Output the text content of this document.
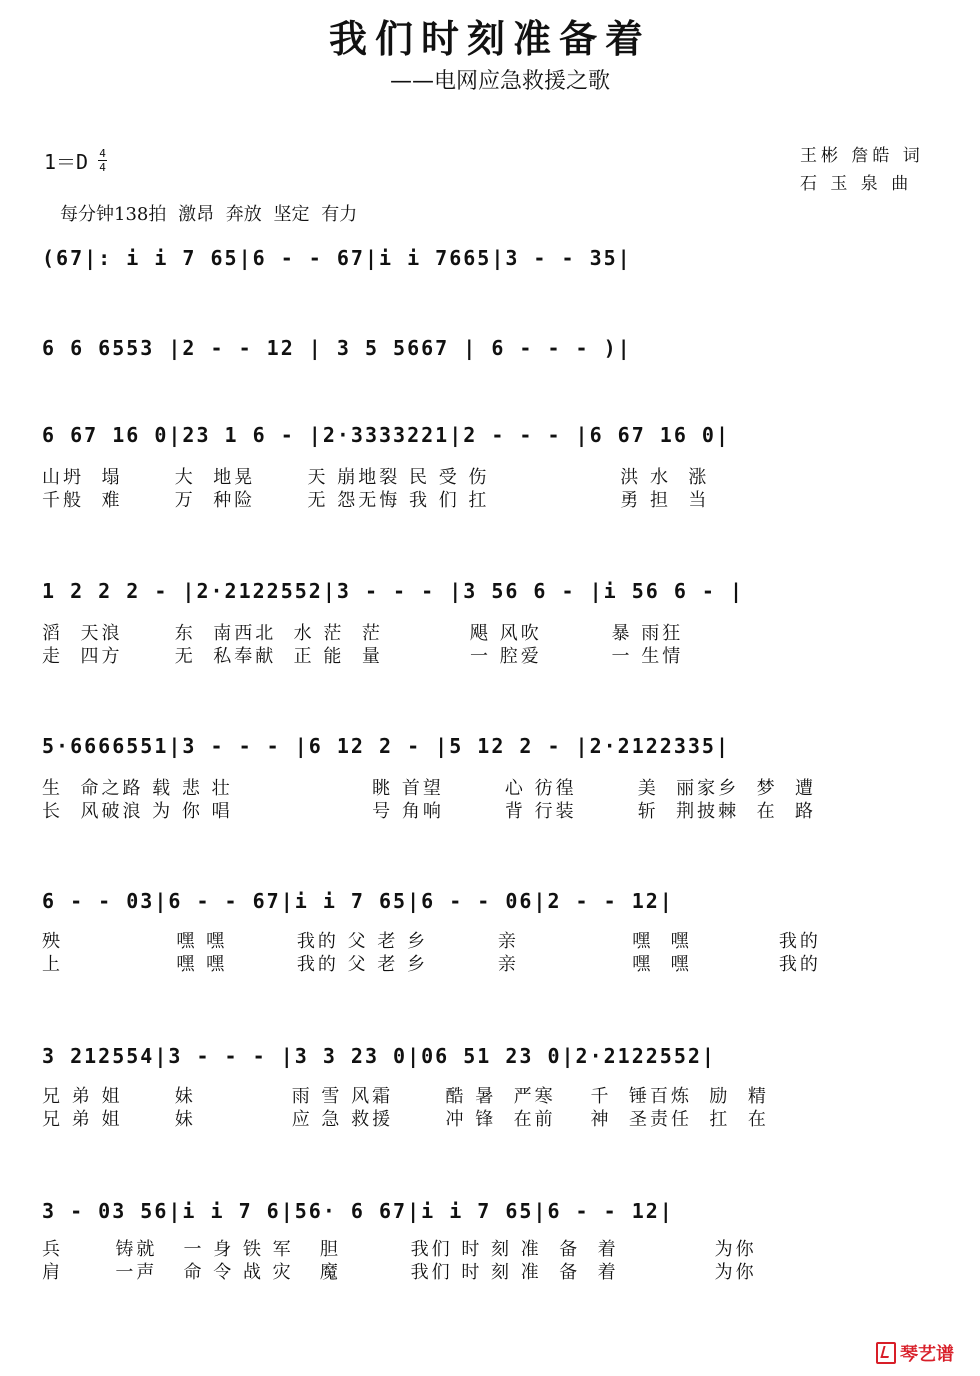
我们时刻准备着
——电网应急救援之歌
1＝D 4
4
王彬 詹皓 词
石 玉 泉 曲
每分钟138拍 激昂 奔放 坚定 有力
(67|: i i 7 65|6 - - 67|i i 7665|3 - - 35|
6 6 6553 |2 - - 12 | 3 5 5667 | 6 - - - )|
6 67 16 0|23 1 6 - |2·3333221|2 - - - |6 67 16 0|
山坍  塌      大  地晃      天 崩地裂 民 受 伤               洪 水  涨
千般  难      万  种险      无 怨无悔 我 们 扛               勇 担  当
1 2 2 2 - |2·2122552|3 - - - |3 56 6 - |i 56 6 - |
滔  天浪      东  南西北  水 茫  茫          飓 风吹        暴 雨狂
走  四方      无  私奉献  正 能  量          一 腔爱        一 生情
5·6666551|3 - - - |6 12 2 - |5 12 2 - |2·2122335|
生  命之路 载 悲 壮                眺 首望       心 彷徨       美  丽家乡  梦  遭
长  风破浪 为 你 唱                号 角响       背 行装       斩  荆披棘  在  路
6 - - 03|6 - - 67|i i 7 65|6 - - 06|2 - - 12|
殃             嘿 嘿        我的 父 老 乡        亲             嘿  嘿          我的
上             嘿 嘿        我的 父 老 乡        亲             嘿  嘿          我的
3 212554|3 - - - |3 3 23 0|06 51 23 0|2·2122552|
兄 弟 姐      妹           雨 雪 风霜      酷 暑  严寒    千  锤百炼  励  精
兄 弟 姐      妹           应 急 救援      冲 锋  在前    神  圣责任  扛  在
3 - 03 56|i i 7 6|56· 6 67|i i 7 65|6 - - 12|
兵      铸就   一 身 铁 军   胆        我们 时 刻 准  备  着           为你
肩      一声   命 令 战 灾   魔        我们 时 刻 准  备  着           为你
琴艺谱
